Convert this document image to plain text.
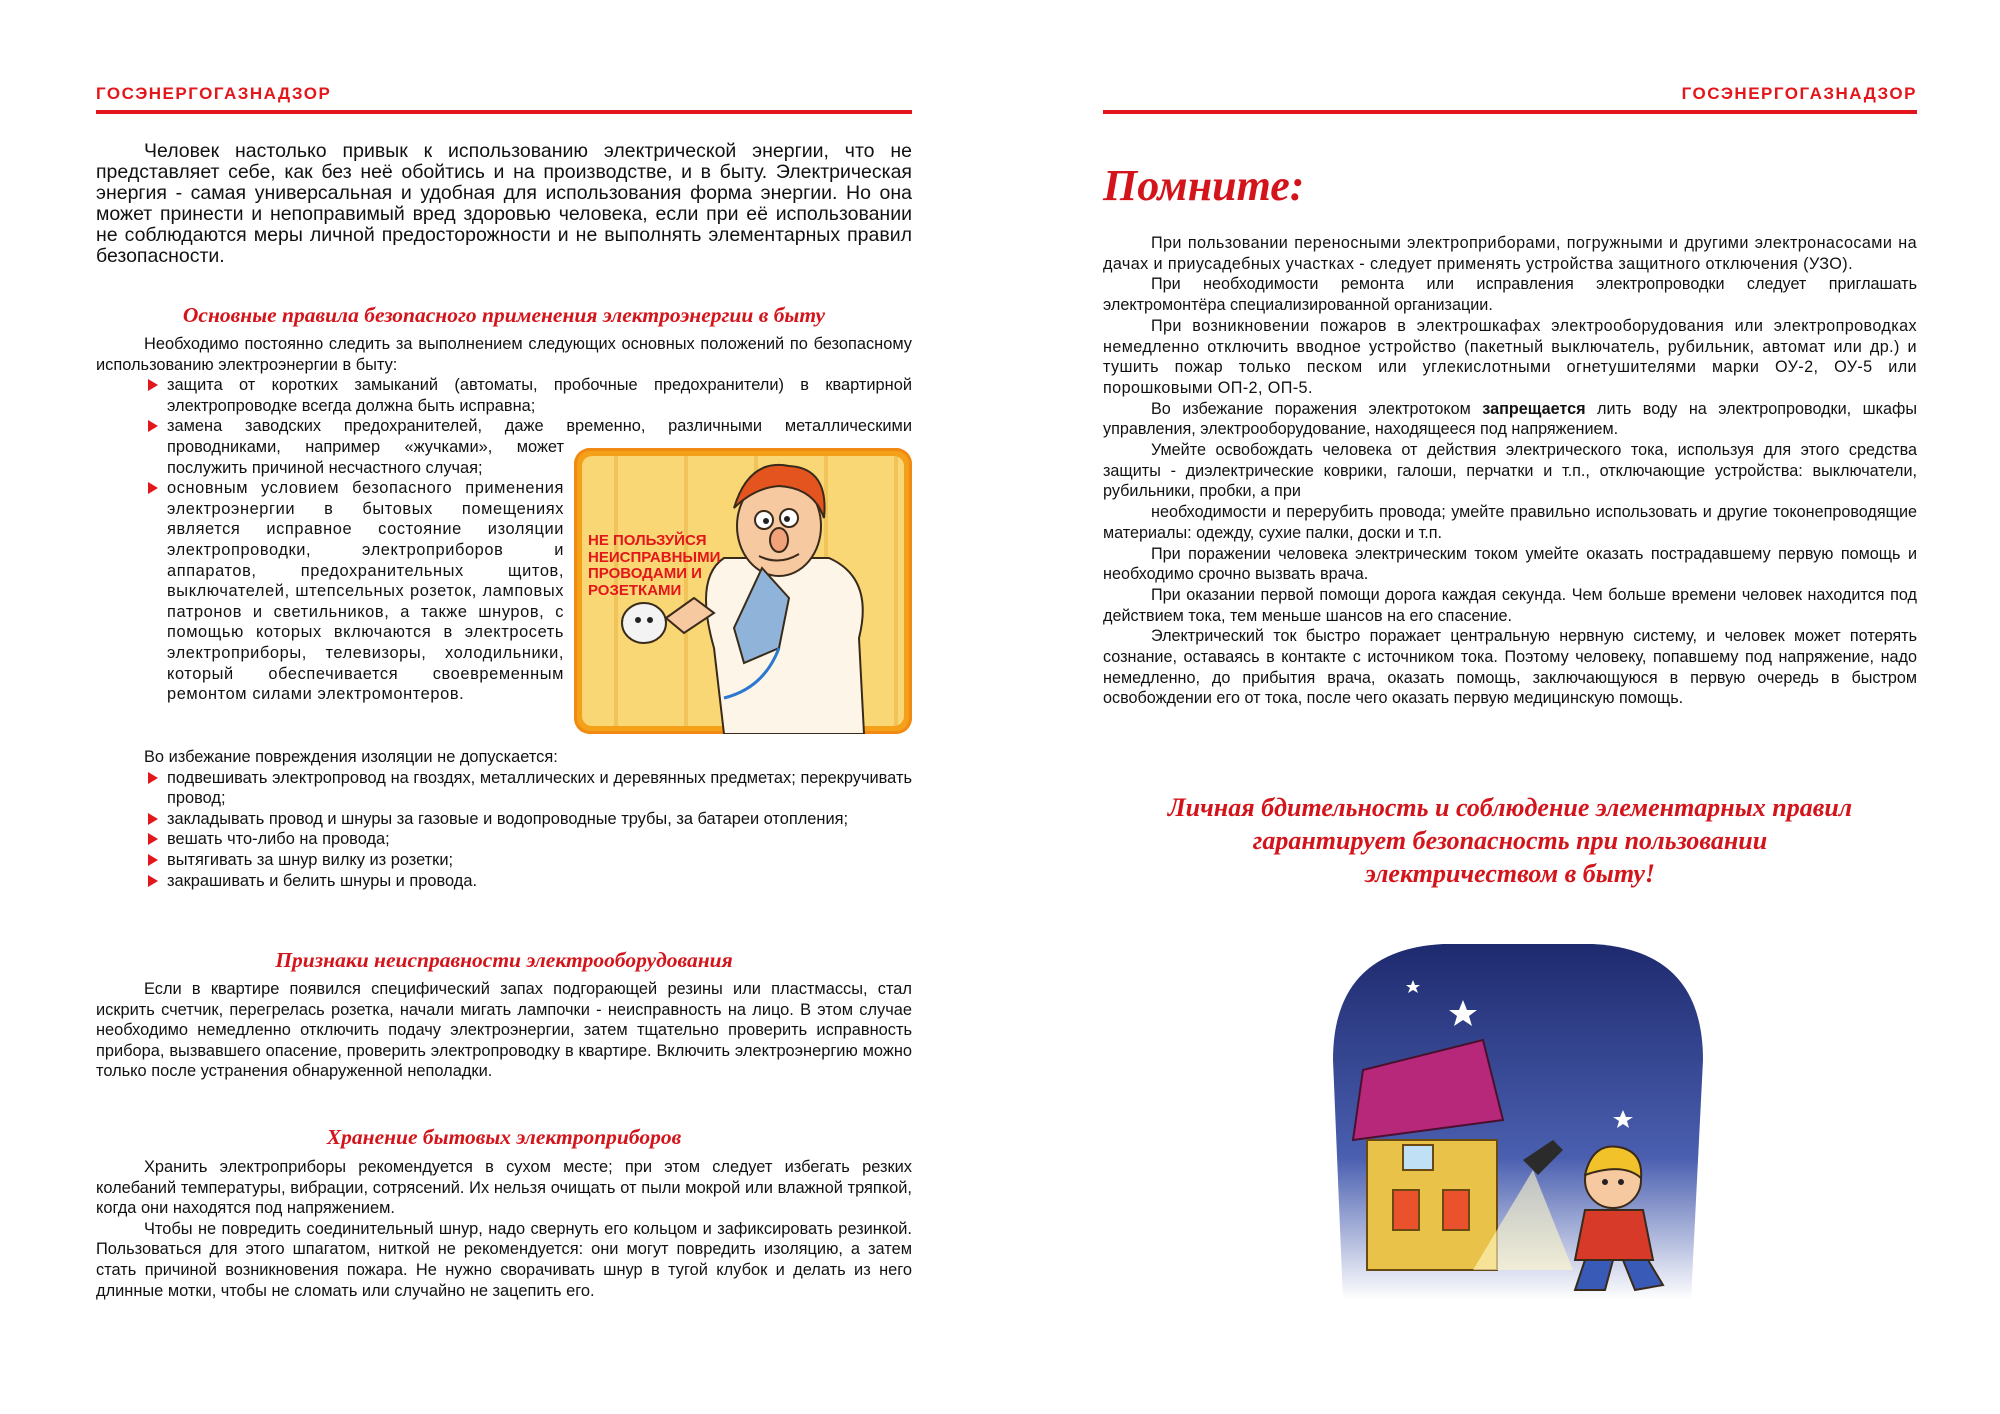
ГОСЭНЕРГОГАЗНАДЗОР

Человек настолько привык к использованию электрической энергии, что не представляет себе, как без неё обойтись и на производстве, и в быту. Электрическая энергия - самая универсальная и удобная для использования форма энергии. Но она может принести и непоправимый вред здоровью человека, если при её использовании не соблюдаются меры личной предосторожности и не выполнять элементарных правил безопасности.

Основные правила безопасного применения электроэнергии в быту

Необходимо постоянно следить за выполнением следующих основных положений по безопасному использованию электроэнергии в быту:

защита от коротких замыканий (автоматы, пробочные предохранители) в квартирной электропроводке всегда должна быть исправна;
замена заводских предохранителей, даже временно, различными металлическими
проводниками, например «жучками», может послужить причиной несчастного случая;
основным условием безопасного применения электроэнергии в бытовых помещениях является исправное состояние изоляции электропроводки, электроприборов и аппаратов, предохранительных щитов, выключателей, штепсельных розеток, ламповых патронов и светильников, а также шнуров, с помощью которых включаются в электросеть электроприборы, телевизоры, холодильники, который обеспечивается своевременным ремонтом силами электромонтеров.
НЕ ПОЛЬЗУЙСЯ НЕИСПРАВНЫМИ ПРОВОДАМИ И РОЗЕТКАМИ

Во избежание повреждения изоляции не допускается:

подвешивать электропровод на гвоздях, металлических и деревянных предметах; перекручивать провод;
закладывать провод и шнуры за газовые и водопроводные трубы, за батареи отопления;
вешать что-либо на провода;
вытягивать за шнур вилку из розетки;
закрашивать и белить шнуры и провода.
Признаки неисправности электрооборудования

Если в квартире появился специфический запах подгорающей резины или пластмассы, стал искрить счетчик, перегрелась розетка, начали мигать лампочки - неисправность на лицо. В этом случае необходимо немедленно отключить подачу электроэнергии, затем тщательно проверить исправность прибора, вызвавшего опасение, проверить электропроводку в квартире. Включить электроэнергию можно только после устранения обнаруженной неполадки.

Хранение бытовых электроприборов

Хранить электроприборы рекомендуется в сухом месте; при этом следует избегать резких колебаний температуры, вибрации, сотрясений. Их нельзя очищать от пыли мокрой или влажной тряпкой, когда они находятся под напряжением.

Чтобы не повредить соединительный шнур, надо свернуть его кольцом и зафиксировать резинкой. Пользоваться для этого шпагатом, ниткой не рекомендуется: они могут повредить изоляцию, а затем стать причиной возникновения пожара. Не нужно сворачивать шнур в тугой клубок и делать из него длинные мотки, чтобы не сломать или случайно не зацепить его.

ГОСЭНЕРГОГАЗНАДЗОР
Помните:

При пользовании переносными электроприборами, погружными и другими электронасосами на дачах и приусадебных участках - следует применять устройства защитного отключения (УЗО).

При необходимости ремонта или исправления электропроводки следует приглашать электромонтёра специализированной организации.

При возникновении пожаров в электрошкафах электрооборудования или электропроводках немедленно отключить вводное устройство (пакетный выключатель, рубильник, автомат или др.) и тушить пожар только песком или углекислотными огнетушителями марки ОУ-2, ОУ-5 или порошковыми ОП-2, ОП-5.

Во избежание поражения электротоком запрещается лить воду на электропроводки, шкафы управления, электрооборудование, находящееся под напряжением.

Умейте освобождать человека от действия электрического тока, используя для этого средства защиты - диэлектрические коврики, галоши, перчатки и т.п., отключающие устройства: выключатели, рубильники, пробки, а при

необходимости и перерубить провода; умейте правильно использовать и другие токонепроводящие материалы: одежду, сухие палки, доски и т.п.

При поражении человека электрическим током умейте оказать пострадавшему первую помощь и необходимо срочно вызвать врача.

При оказании первой помощи дорога каждая секунда. Чем больше времени человек находится под действием тока, тем меньше шансов на его спасение.

Электрический ток быстро поражает центральную нервную систему, и человек может потерять сознание, оставаясь в контакте с источником тока. Поэтому человеку, попавшему под напряжение, надо немедленно, до прибытия врача, оказать помощь, заключающуюся в первую очередь в быстром освобождении его от тока, после чего оказать первую медицинскую помощь.

Личная бдительность и соблюдение элементарных правил
гарантирует безопасность при пользовании
электричеством в быту!
